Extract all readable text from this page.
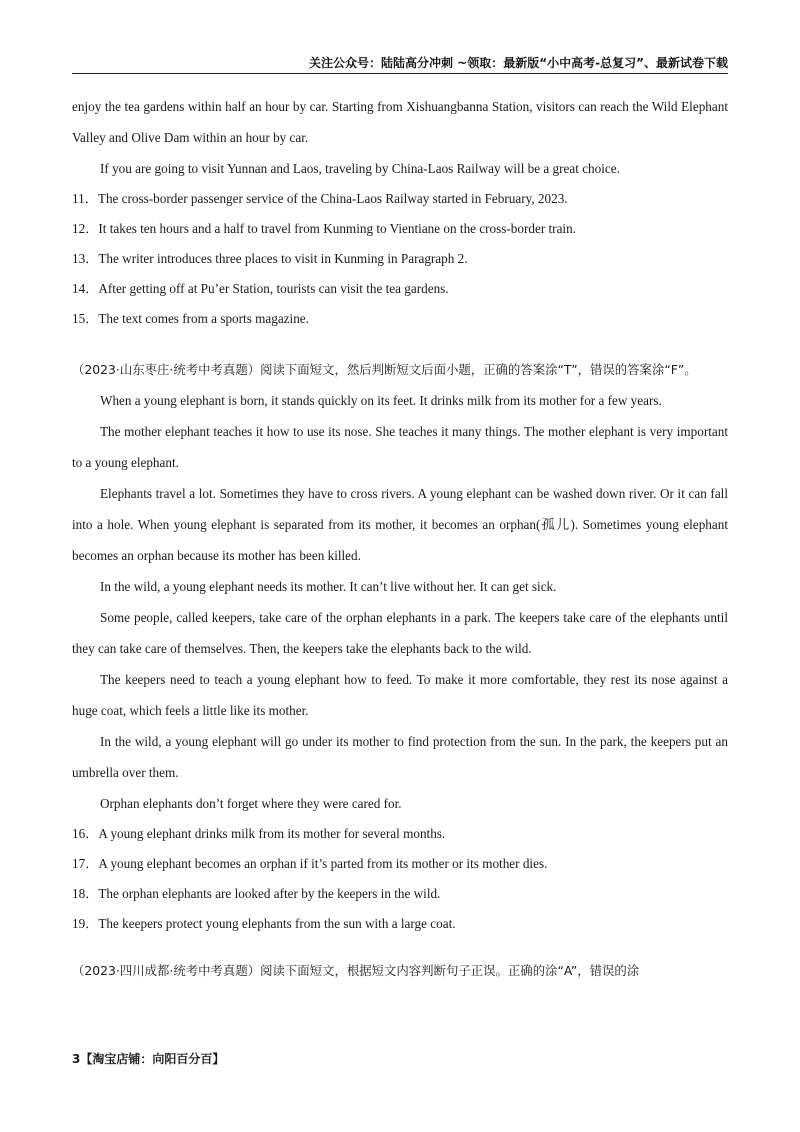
关注公众号：陆陆高分冲刺 ~领取：最新版“小中高考-总复习”、最新试卷下载

enjoy the tea gardens within half an hour by car. Starting from Xishuangbanna Station, visitors can reach the Wild Elephant Valley and Olive Dam within an hour by car.

If you are going to visit Yunnan and Laos, traveling by China-Laos Railway will be a great choice.

11．The cross-border passenger service of the China-Laos Railway started in February, 2023.

12．It takes ten hours and a half to travel from Kunming to Vientiane on the cross-border train.

13．The writer introduces three places to visit in Kunming in Paragraph 2.

14．After getting off at Pu’er Station, tourists can visit the tea gardens.

15．The text comes from a sports magazine.

（2023·山东枣庄·统考中考真题）阅读下面短文，然后判断短文后面小题，正确的答案涂“T”，错误的答案涂“F”。

When a young elephant is born, it stands quickly on its feet. It drinks milk from its mother for a few years.

The mother elephant teaches it how to use its nose. She teaches it many things. The mother elephant is very important to a young elephant.

Elephants travel a lot. Sometimes they have to cross rivers. A young elephant can be washed down river. Or it can fall into a hole. When young elephant is separated from its mother, it becomes an orphan(孤儿). Sometimes young elephant becomes an orphan because its mother has been killed.

In the wild, a young elephant needs its mother. It can’t live without her. It can get sick.

Some people, called keepers, take care of the orphan elephants in a park. The keepers take care of the elephants until they can take care of themselves. Then, the keepers take the elephants back to the wild.

The keepers need to teach a young elephant how to feed. To make it more comfortable, they rest its nose against a huge coat, which feels a little like its mother.

In the wild, a young elephant will go under its mother to find protection from the sun. In the park, the keepers put an umbrella over them.

Orphan elephants don’t forget where they were cared for.

16．A young elephant drinks milk from its mother for several months.

17．A young elephant becomes an orphan if it’s parted from its mother or its mother dies.

18．The orphan elephants are looked after by the keepers in the wild.

19．The keepers protect young elephants from the sun with a large coat.

（2023·四川成都·统考中考真题）阅读下面短文，根据短文内容判断句子正误。正确的涂“A”，错误的涂

3【淘宝店铺：向阳百分百】
